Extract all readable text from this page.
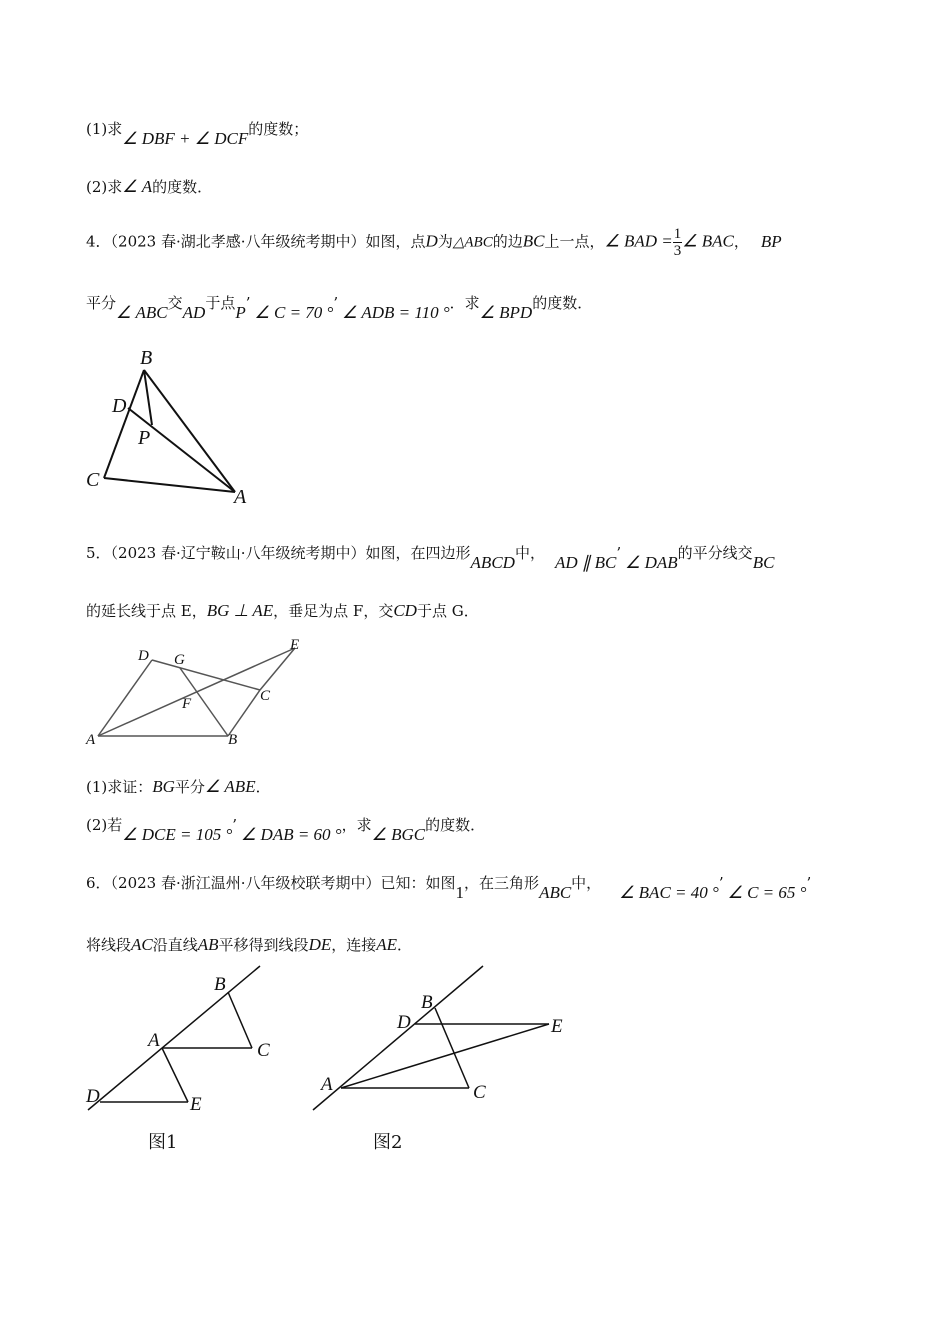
(1)求∠ DBF + ∠ DCF的度数；
(2)求∠ A的度数．
4．（2023 春·湖北孝感·八年级统考期中）如图，点D为△ABC的边BC上一点，∠ BAD = $\frac{1}{3}$ ∠ BAC， BP
平分∠ ABC交AD于点P’ ∠ C = 70 °’ ∠ ADB = 110 °．求∠ BPD的度数．
B
D
P
C
A
5．（2023 春·辽宁鞍山·八年级统考期中）如图，在四边形ABCD中， AD ∥ BC’ ∠ DAB的平分线交BC
的延长线于点 E，BG ⊥ AE，垂足为点 F，交CD于点 G．
D G
E
F	C
A	B
(1)求证：BG平分∠ ABE．
(2)若∠ DCE = 105 °’ ∠ DAB = 60 °，求∠ BGC的度数．
6．（2023 春·浙江温州·八年级校联考期中）已知：如图1，在三角形ABC中， ∠ BAC = 40 °’ ∠ C = 65 °’
将线段AC沿直线AB平移得到线段DE，连接AE．
B
A	C
D	E
图1
B
D	E
A	C
图2
